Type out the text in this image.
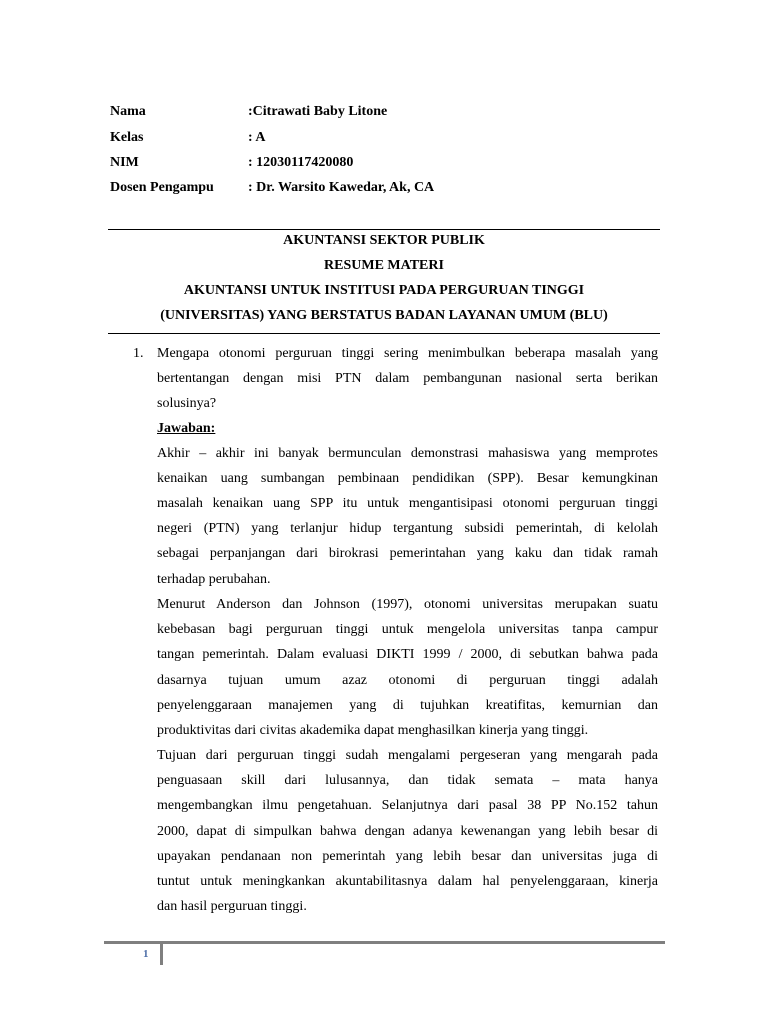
Nama	:Citrawati Baby Litone
Kelas	: A
NIM	: 12030117420080
Dosen Pengampu : Dr. Warsito Kawedar, Ak, CA
AKUNTANSI SEKTOR PUBLIK
RESUME MATERI
AKUNTANSI UNTUK INSTITUSI PADA PERGURUAN TINGGI
(UNIVERSITAS) YANG BERSTATUS BADAN LAYANAN UMUM (BLU)
1. Mengapa otonomi perguruan tinggi sering menimbulkan beberapa masalah yang
bertentangan dengan misi PTN dalam pembangunan nasional serta berikan
solusinya?
Jawaban:
Akhir – akhir ini banyak bermunculan demonstrasi mahasiswa yang memprotes
kenaikan uang sumbangan pembinaan pendidikan (SPP). Besar kemungkinan
masalah kenaikan uang SPP itu untuk mengantisipasi otonomi perguruan tinggi
negeri (PTN) yang terlanjur hidup tergantung subsidi pemerintah, di kelolah
sebagai perpanjangan dari birokrasi pemerintahan yang kaku dan tidak ramah
terhadap perubahan.
Menurut Anderson dan Johnson (1997), otonomi universitas merupakan suatu
kebebasan bagi perguruan tinggi untuk mengelola universitas tanpa campur
tangan pemerintah. Dalam evaluasi DIKTI 1999 / 2000, di sebutkan bahwa pada
dasarnya tujuan umum azaz otonomi di perguruan tinggi adalah
penyelenggaraan manajemen yang di tujuhkan kreatifitas, kemurnian dan
produktivitas dari civitas akademika dapat menghasilkan kinerja yang tinggi.
Tujuan dari perguruan tinggi sudah mengalami pergeseran yang mengarah pada
penguasaan skill dari lulusannya, dan tidak semata – mata hanya
mengembangkan ilmu pengetahuan. Selanjutnya dari pasal 38 PP No.152 tahun
2000, dapat di simpulkan bahwa dengan adanya kewenangan yang lebih besar di
upayakan pendanaan non pemerintah yang lebih besar dan universitas juga di
tuntut untuk meningkankan akuntabilitasnya dalam hal penyelenggaraan, kinerja
dan hasil perguruan tinggi.
1
